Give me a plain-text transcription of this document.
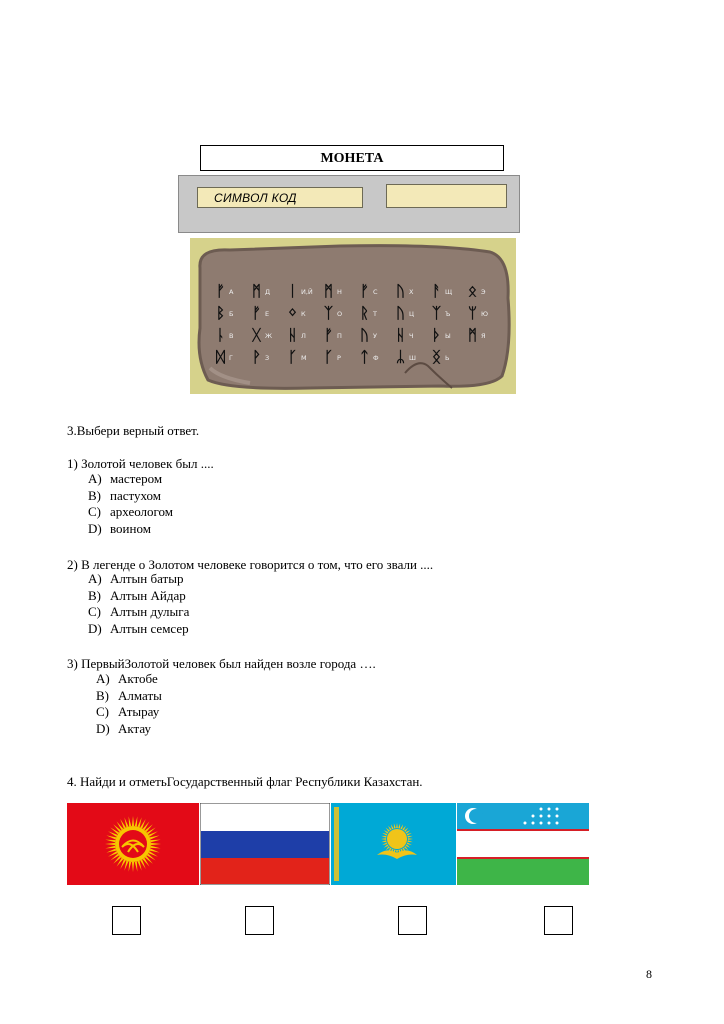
МОНЕТА
СИМВОЛ КОД
ᚠ А ᛗ Д ᛁ И,Й ᛗ Н ᚠ С ᚢ Х ᚨ Щ ᛟ Э
ᛒ Б ᚠ Е ᛜ К ᛉ О ᚱ Т ᚢ Ц ᛉ Ъ ᛘ Ю
ᚿ В ᚷ Ж ᚺ Л ᚠ П ᚢ У ᚺ Ч ᚦ Ы ᛗ Я
ᛞ Г ᚹ З ᚴ М ᚴ Р ᛏ Ф ᛦ Ш ᛝ Ь
3.Выбери верный ответ.
1) Золотой человек был ....
A) мастером
B) пастухом
C) археологом
D) воином
2) В легенде о Золотом человеке говорится о том, что его звали ....
A) Алтын батыр
B) Алтын Айдар
C) Алтын дулыга
D) Алтын семсер
3) ПервыйЗолотой человек был найден возле города ….
A) Актобе
B) Алматы
C) Атырау
D) Актау
4. Найди и отметьГосударственный флаг Республики Казахстан.
8
